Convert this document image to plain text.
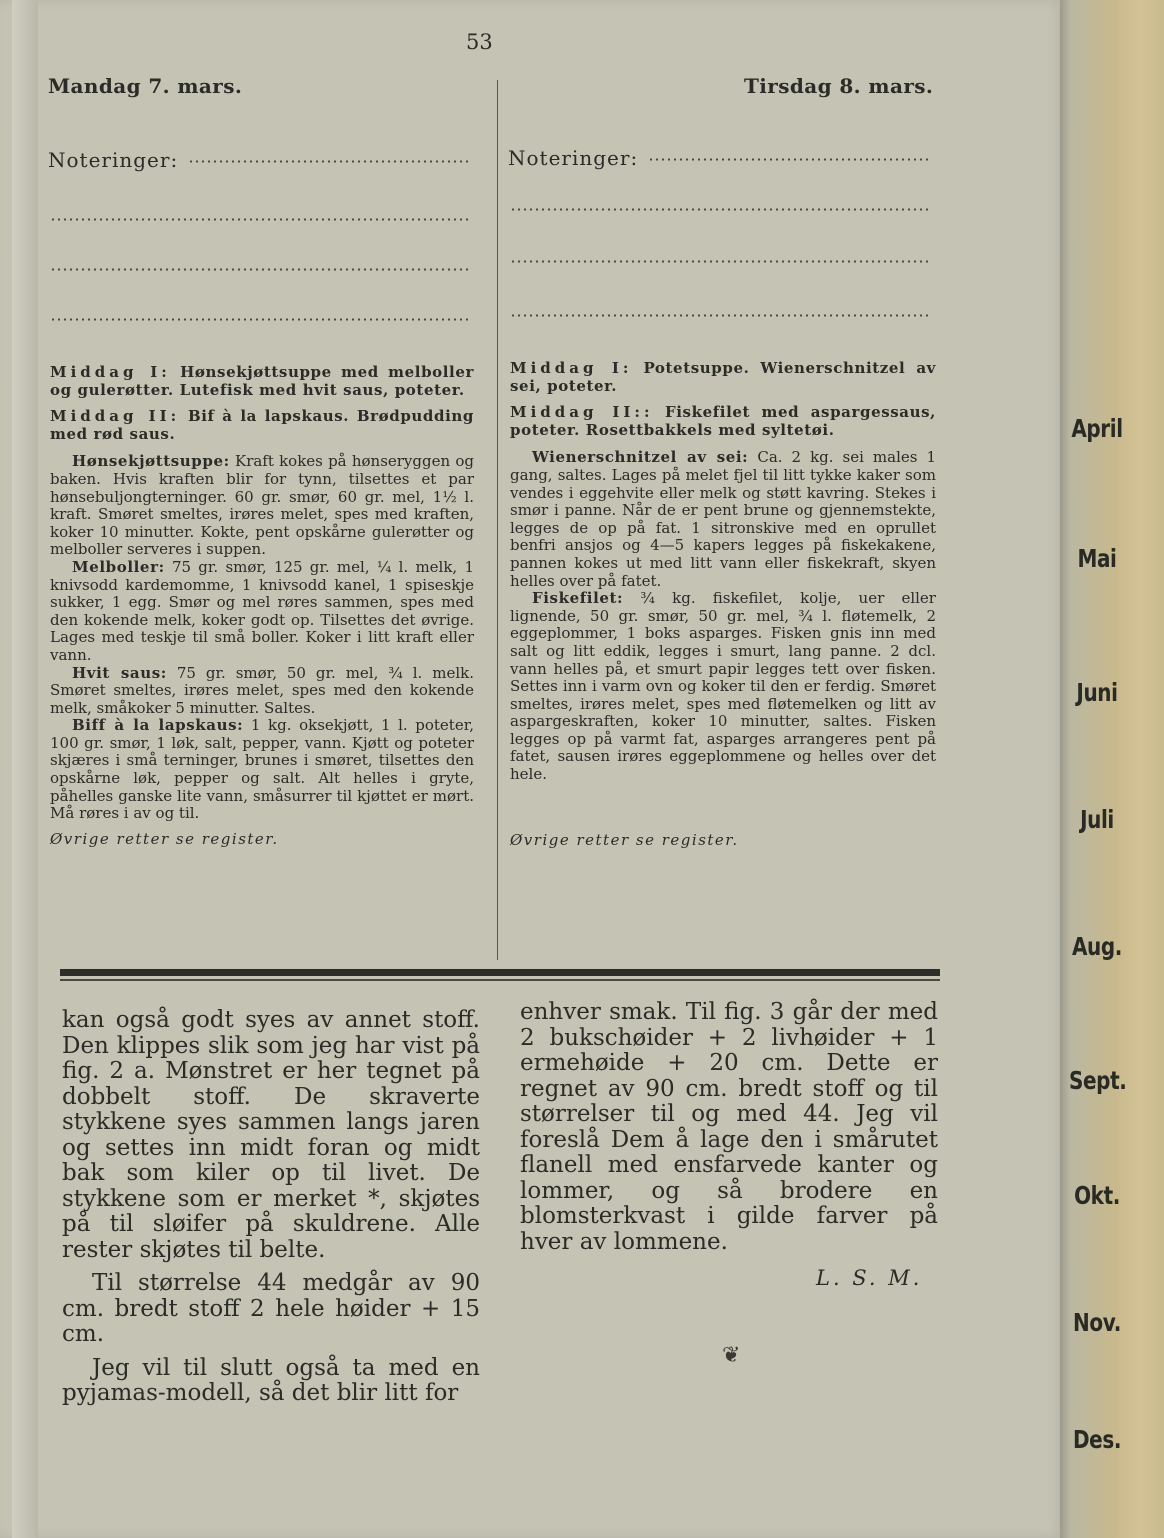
53
Mandag 7. mars.
Noteringer:
Tirsdag 8. mars.
Noteringer:

Middag I: Hønsekjøttsuppe med melboller og gulerøtter. Lutefisk med hvit saus, poteter.

Middag II: Bif à la lapskaus. Brødpudding med rød saus.

Hønsekjøttsuppe: Kraft kokes på hønseryggen og baken. Hvis kraften blir for tynn, tilsettes et par hønsebuljongterninger. 60 gr. smør, 60 gr. mel, 1½ l. kraft. Smøret smeltes, irøres melet, spes med kraften, koker 10 minutter. Kokte, pent opskårne gulerøtter og melboller serveres i suppen.

Melboller: 75 gr. smør, 125 gr. mel, ¼ l. melk, 1 knivsodd kardemomme, 1 knivsodd kanel, 1 spiseskje sukker, 1 egg. Smør og mel røres sammen, spes med den kokende melk, koker godt op. Tilsettes det øvrige. Lages med teskje til små boller. Koker i litt kraft eller vann.

Hvit saus: 75 gr. smør, 50 gr. mel, ¾ l. melk. Smøret smeltes, irøres melet, spes med den kokende melk, småkoker 5 minutter. Saltes.

Biff à la lapskaus: 1 kg. oksekjøtt, 1 l. poteter, 100 gr. smør, 1 løk, salt, pepper, vann. Kjøtt og poteter skjæres i små terninger, brunes i smøret, tilsettes den opskårne løk, pepper og salt. Alt helles i gryte, påhelles ganske lite vann, småsurrer til kjøttet er mørt. Må røres i av og til.

Øvrige retter se register.

Middag I: Potetsuppe. Wienerschnitzel av sei, poteter.

Middag II:: Fiskefilet med aspargessaus, poteter. Rosettbakkels med syltetøi.

Wienerschnitzel av sei: Ca. 2 kg. sei males 1 gang, saltes. Lages på melet fjel til litt tykke kaker som vendes i eggehvite eller melk og støtt kavring. Stekes i smør i panne. Når de er pent brune og gjennemstekte, legges de op på fat. 1 sitronskive med en oprullet benfri ansjos og 4—5 kapers legges på fiskekakene, pannen kokes ut med litt vann eller fiskekraft, skyen helles over på fatet.

Fiskefilet: ¾ kg. fiskefilet, kolje, uer eller lignende, 50 gr. smør, 50 gr. mel, ¾ l. fløtemelk, 2 eggeplommer, 1 boks asparges. Fisken gnis inn med salt og litt eddik, legges i smurt, lang panne. 2 dcl. vann helles på, et smurt papir legges tett over fisken. Settes inn i varm ovn og koker til den er ferdig. Smøret smeltes, irøres melet, spes med fløtemelken og litt av aspargeskraften, koker 10 minutter, saltes. Fisken legges op på varmt fat, asparges arrangeres pent på fatet, sausen irøres eggeplommene og helles over det hele.

Øvrige retter se register.

kan også godt syes av annet stoff. Den klippes slik som jeg har vist på fig. 2 a. Mønstret er her tegnet på dobbelt stoff. De skraverte stykkene syes sammen langs jaren og settes inn midt foran og midt bak som kiler op til livet. De stykkene som er merket *, skjøtes på til sløifer på skuldrene. Alle rester skjøtes til belte.

Til størrelse 44 medgår av 90 cm. bredt stoff 2 hele høider + 15 cm.

Jeg vil til slutt også ta med en pyjamas-modell, så det blir litt for

enhver smak. Til fig. 3 går der med 2 bukschøider + 2 livhøider + 1 ermehøide + 20 cm. Dette er regnet av 90 cm. bredt stoff og til størrelser til og med 44. Jeg vil foreslå Dem å lage den i smårutet flanell med ensfarvede kanter og lommer, og så brodere en blomsterkvast i gilde farver på hver av lommene.

L. S. M.
❦
April
Mai
Juni
Juli
Aug.
Sept.
Okt.
Nov.
Des.
